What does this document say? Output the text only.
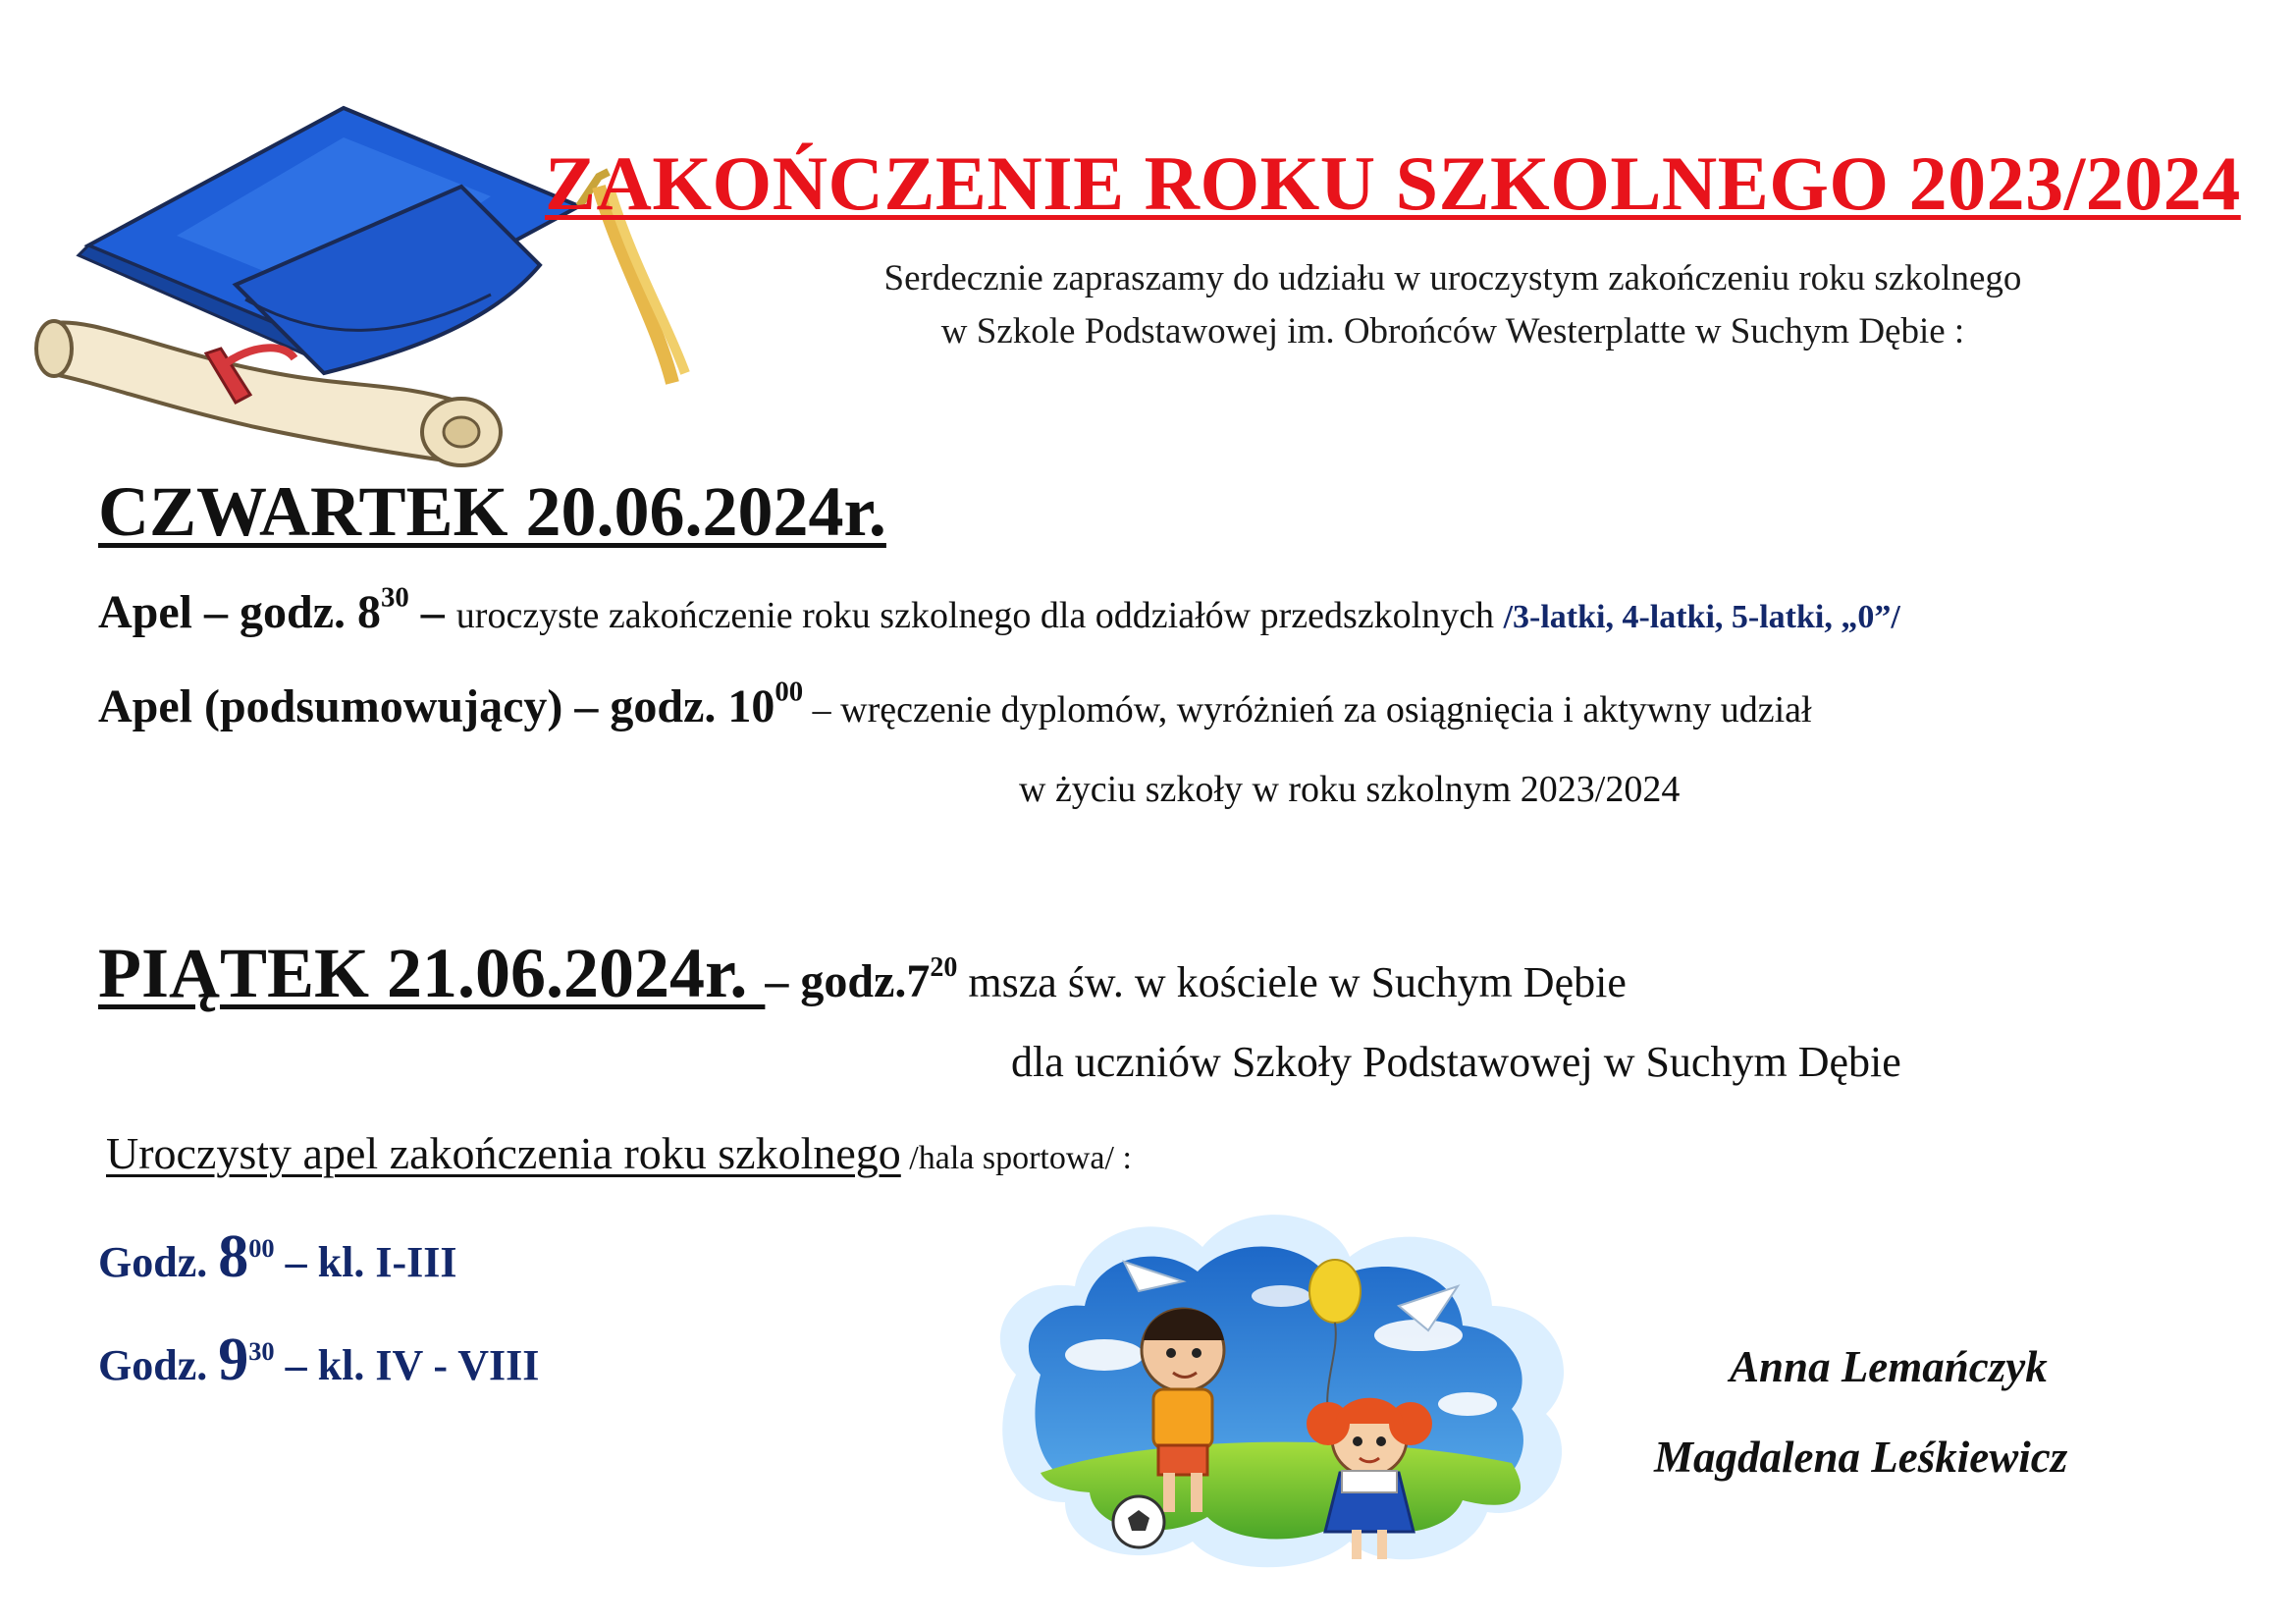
ZAKOŃCZENIE ROKU SZKOLNEGO 2023/2024
Serdecznie zapraszamy do udziału w uroczystym zakończeniu roku szkolnego
w Szkole Podstawowej im. Obrońców Westerplatte w Suchym Dębie :
CZWARTEK 20.06.2024r.
Apel – godz. $8^{30}$ – uroczyste zakończenie roku szkolnego dla oddziałów przedszkolnych /3-latki, 4-latki, 5-latki, „0”/
Apel (podsumowujący) – godz. $10^{00}$ – wręczenie dyplomów, wyróżnień za osiągnięcia i aktywny udział
w życiu szkoły w roku szkolnym 2023/2024
PIĄTEK 21.06.2024r. – $godz.7^{20}$ msza św. w kościele w Suchym Dębie
dla uczniów Szkoły Podstawowej w Suchym Dębie
Uroczysty apel zakończenia roku szkolnego /hala sportowa/ :
Godz. $8^{00}$ – kl. I-III
Godz. $9^{30}$ – kl. IV - VIII	Anna Lemańczyk
Magdalena Leśkiewicz
